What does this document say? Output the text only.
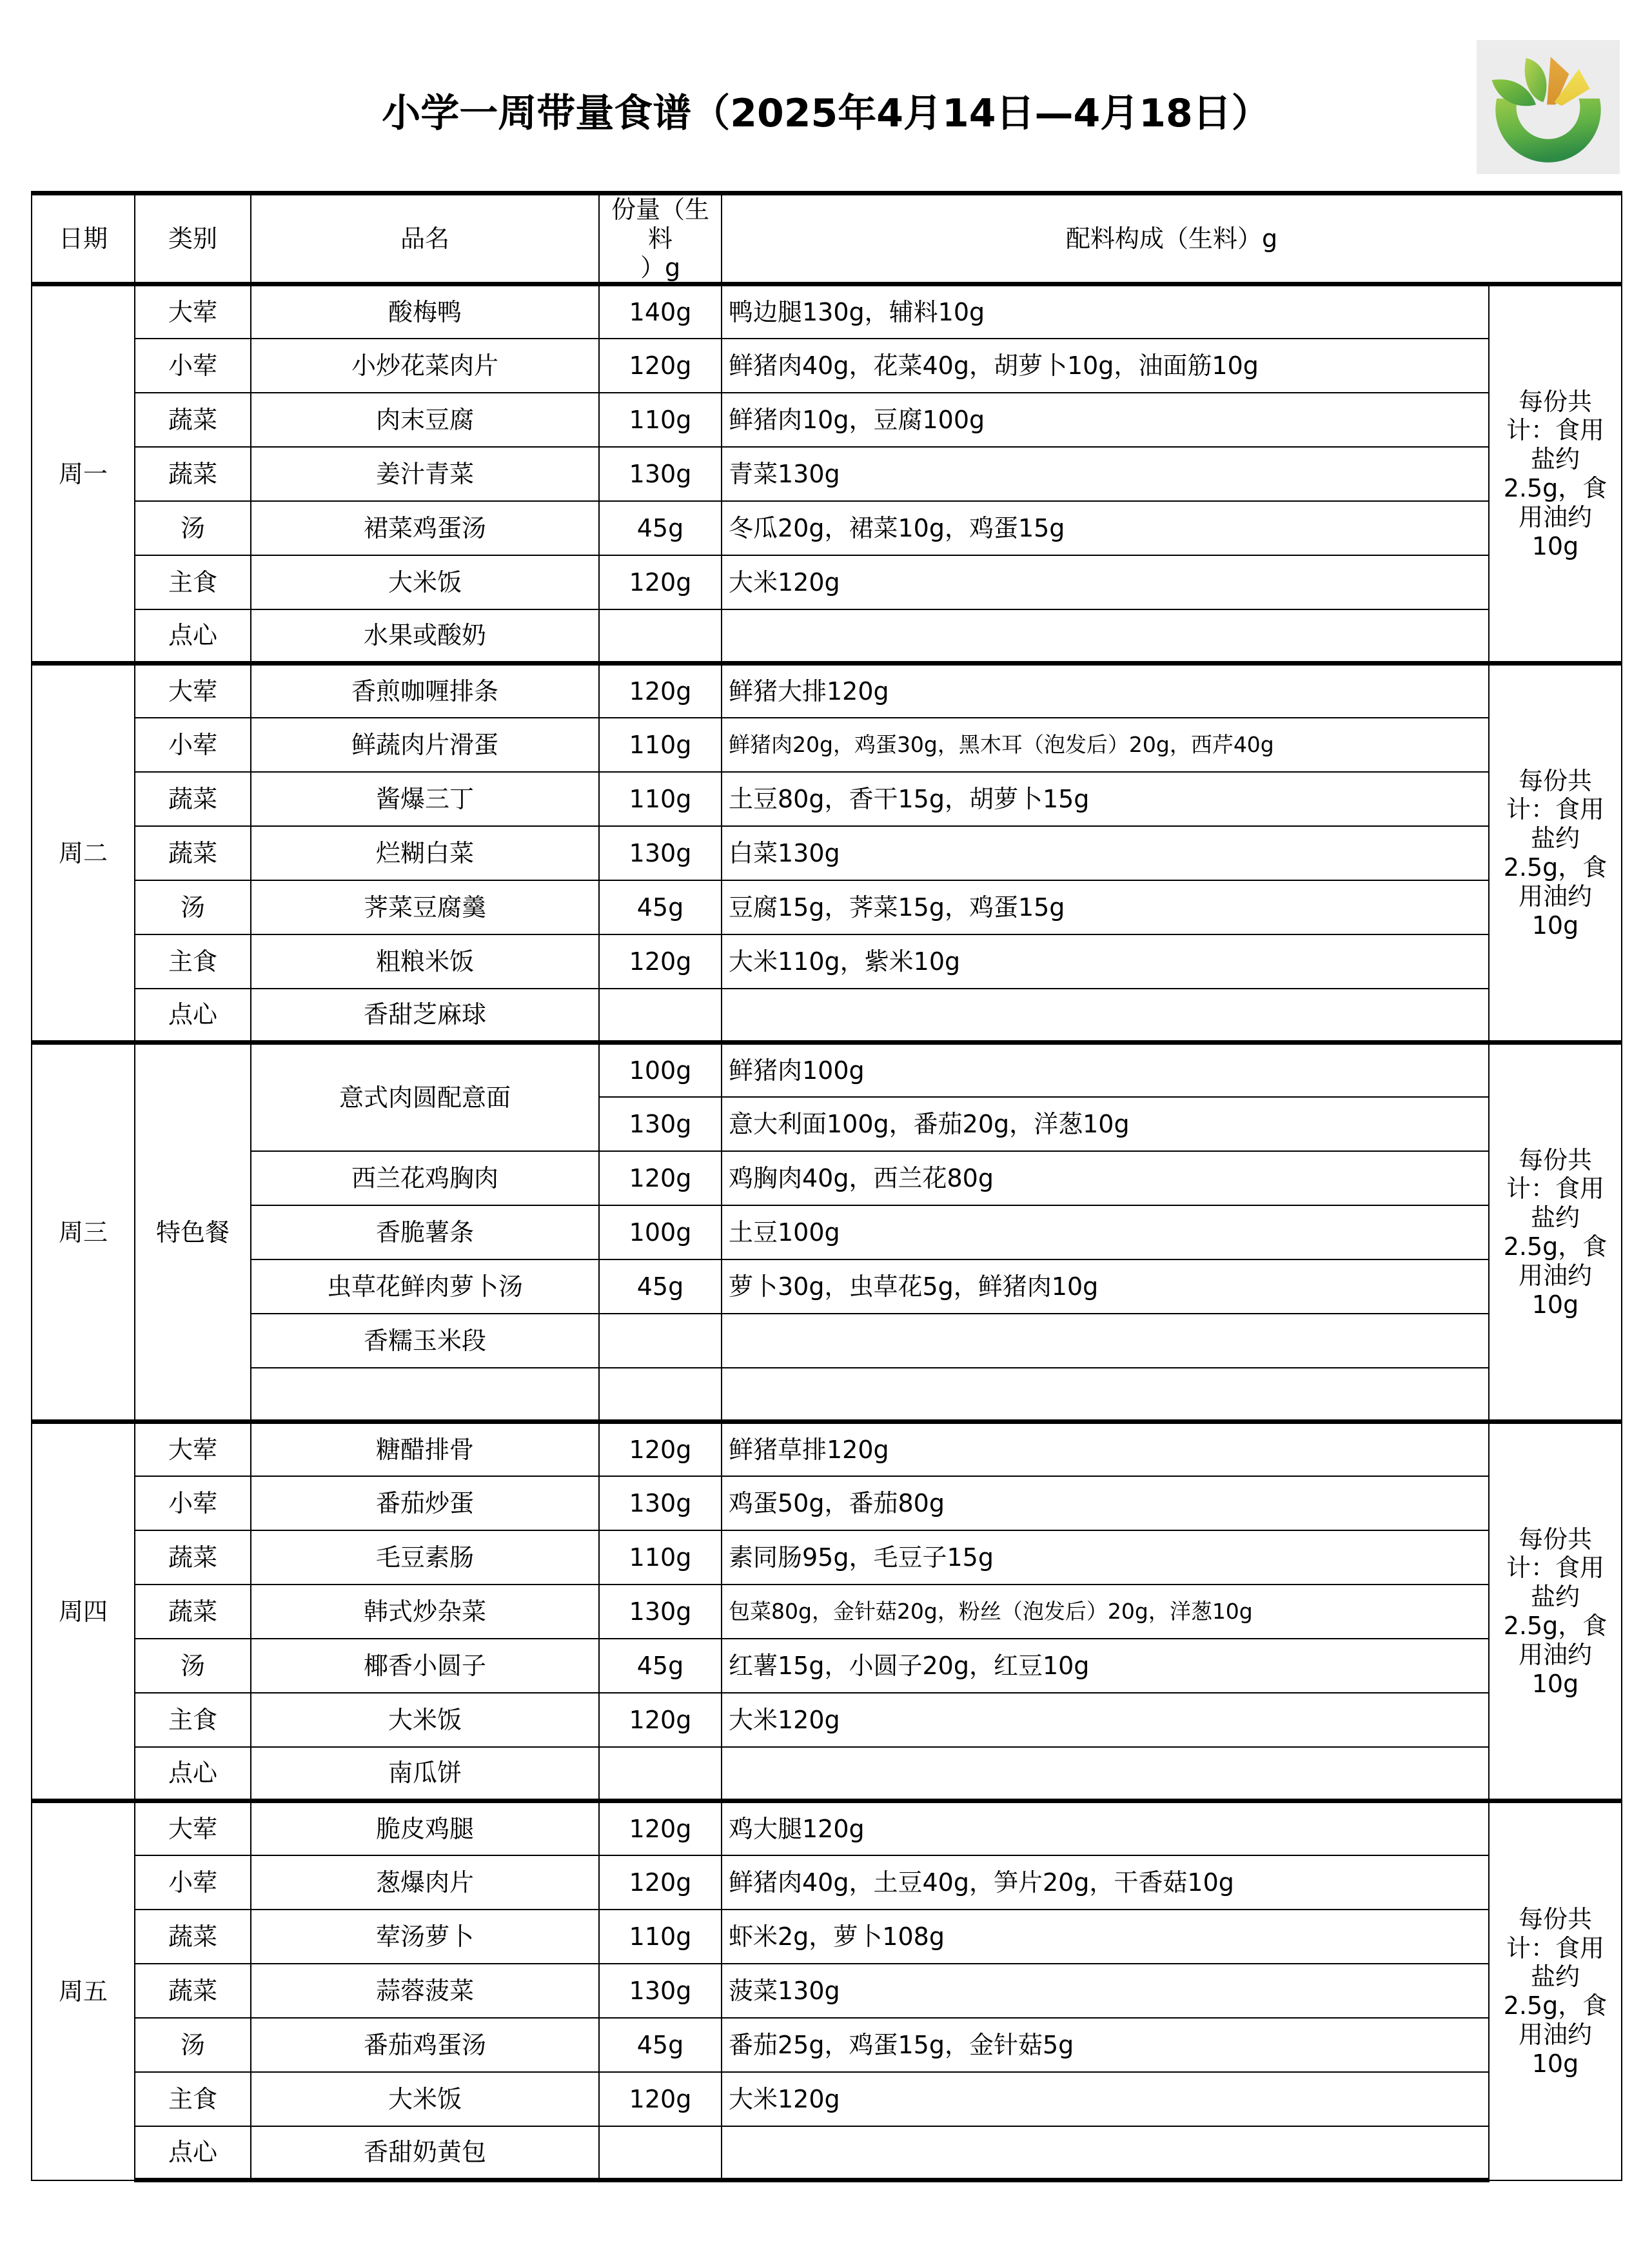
小学一周带量食谱（2025年4月14日—4月18日）
日期	类别	品名	份量（生料
）g	配料构成（生料）g	
周一	大荤	酸梅鸭	140g	鸭边腿130g，辅料10g	每份共计：食用盐约2.5g，食用油约10g
	小荤	小炒花菜肉片	120g	鲜猪肉40g，花菜40g，胡萝卜10g，油面筋10g	
	蔬菜	肉末豆腐	110g	鲜猪肉10g，豆腐100g	
	蔬菜	姜汁青菜	130g	青菜130g	
	汤	裙菜鸡蛋汤	45g	冬瓜20g，裙菜10g，鸡蛋15g	
	主食	大米饭	120g	大米120g	
	点心	水果或酸奶			
周二	大荤	香煎咖喱排条	120g	鲜猪大排120g	每份共计：食用盐约2.5g，食用油约10g
	小荤	鲜蔬肉片滑蛋	110g	鲜猪肉20g，鸡蛋30g，黑木耳（泡发后）20g，西芹40g	
	蔬菜	酱爆三丁	110g	土豆80g，香干15g，胡萝卜15g	
	蔬菜	烂糊白菜	130g	白菜130g	
	汤	荠菜豆腐羹	45g	豆腐15g，荠菜15g，鸡蛋15g	
	主食	粗粮米饭	120g	大米110g，紫米10g	
	点心	香甜芝麻球			
周三	特色餐	意式肉圆配意面	100g	鲜猪肉100g	每份共计：食用盐约2.5g，食用油约10g
			130g	意大利面100g，番茄20g，洋葱10g	
		西兰花鸡胸肉	120g	鸡胸肉40g，西兰花80g	
		香脆薯条	100g	土豆100g	
		虫草花鲜肉萝卜汤	45g	萝卜30g，虫草花5g，鲜猪肉10g	
		香糯玉米段			

周四	大荤	糖醋排骨	120g	鲜猪草排120g	每份共计：食用盐约2.5g，食用油约10g
	小荤	番茄炒蛋	130g	鸡蛋50g，番茄80g	
	蔬菜	毛豆素肠	110g	素同肠95g，毛豆子15g	
	蔬菜	韩式炒杂菜	130g	包菜80g，金针菇20g，粉丝（泡发后）20g，洋葱10g	
	汤	椰香小圆子	45g	红薯15g，小圆子20g，红豆10g	
	主食	大米饭	120g	大米120g	
	点心	南瓜饼			
周五	大荤	脆皮鸡腿	120g	鸡大腿120g	每份共计：食用盐约2.5g，食用油约10g
	小荤	葱爆肉片	120g	鲜猪肉40g，土豆40g，笋片20g，干香菇10g	
	蔬菜	荤汤萝卜	110g	虾米2g，萝卜108g	
	蔬菜	蒜蓉菠菜	130g	菠菜130g	
	汤	番茄鸡蛋汤	45g	番茄25g，鸡蛋15g，金针菇5g	
	主食	大米饭	120g	大米120g	
	点心	香甜奶黄包			
